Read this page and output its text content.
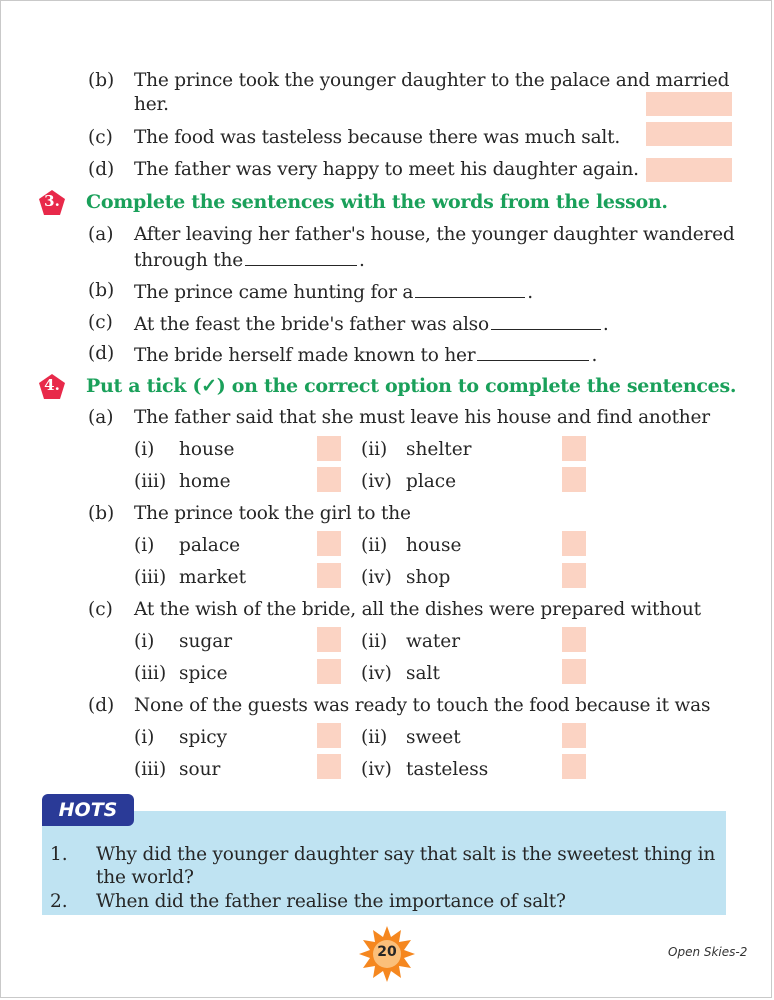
(b) The prince took the younger daughter to the palace and married
her.
(c) The food was tasteless because there was much salt.
(d) The father was very happy to meet his daughter again.
3.	Complete the sentences with the words from the lesson.
(a) After leaving her father's house, the younger daughter wandered
through the	.
(b) The prince came hunting for a	.
(c) At the feast the bride's father was also	.
(d) The bride herself made known to her	.
4.	Put a tick (✓) on the correct option to complete the sentences.
(a) The father said that she must leave his house and find another
(i) house	(ii) shelter
(iii) home	(iv) place
(b) The prince took the girl to the
(i) palace	(ii) house
(iii) market	(iv) shop
(c) At the wish of the bride, all the dishes were prepared without
(i) sugar	(ii) water
(iii) spice	(iv) salt
(d) None of the guests was ready to touch the food because it was
(i) spicy	(ii) sweet
(iii) sour	(iv) tasteless
HOTS
1. Why did the younger daughter say that salt is the sweetest thing in
the world?
2. When did the father realise the importance of salt?
20	Open Skies-2
